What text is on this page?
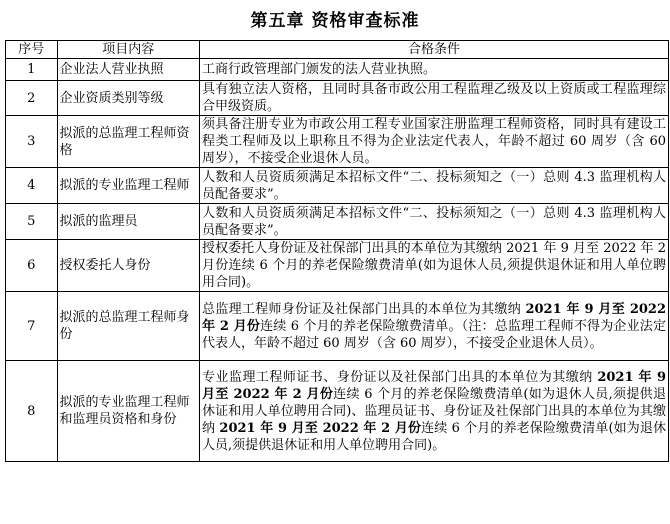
第五章 资格审查标准
序号	项目内容	合格条件
1	企业法人营业执照	工商行政管理部门颁发的法人营业执照。
2	企业资质类别等级	具有独立法人资格，且同时具备市政公用工程监理乙级及以上资质或工程监理综合甲级资质。
3	拟派的总监理工程师资格	须具备注册专业为市政公用工程专业国家注册监理工程师资格，同时具有建设工程类工程师及以上职称且不得为企业法定代表人，年龄不超过 60 周岁（含 60 周岁），不接受企业退休人员。
4	拟派的专业监理工程师	人数和人员资质须满足本招标文件“二、投标须知之（一）总则 4.3 监理机构人员配备要求”。
5	拟派的监理员	人数和人员资质须满足本招标文件“二、投标须知之（一）总则 4.3 监理机构人员配备要求”。
6	授权委托人身份	授权委托人身份证及社保部门出具的本单位为其缴纳 2021 年 9 月至 2022 年 2 月份连续 6 个月的养老保险缴费清单(如为退休人员,须提供退休证和用人单位聘用合同)。
7	拟派的总监理工程师身份	总监理工程师身份证及社保部门出具的本单位为其缴纳 2021 年 9 月至 2022 年 2 月份连续 6 个月的养老保险缴费清单。（注：总监理工程师不得为企业法定代表人，年龄不超过 60 周岁（含 60 周岁），不接受企业退休人员）。
8	拟派的专业监理工程师和监理员资格和身份	专业监理工程师证书、身份证以及社保部门出具的本单位为其缴纳 2021 年 9 月至 2022 年 2 月份连续 6 个月的养老保险缴费清单(如为退休人员,须提供退休证和用人单位聘用合同)、监理员证书、身份证及社保部门出具的本单位为其缴纳 2021 年 9 月至 2022 年 2 月份连续 6 个月的养老保险缴费清单(如为退休人员,须提供退休证和用人单位聘用合同)。
